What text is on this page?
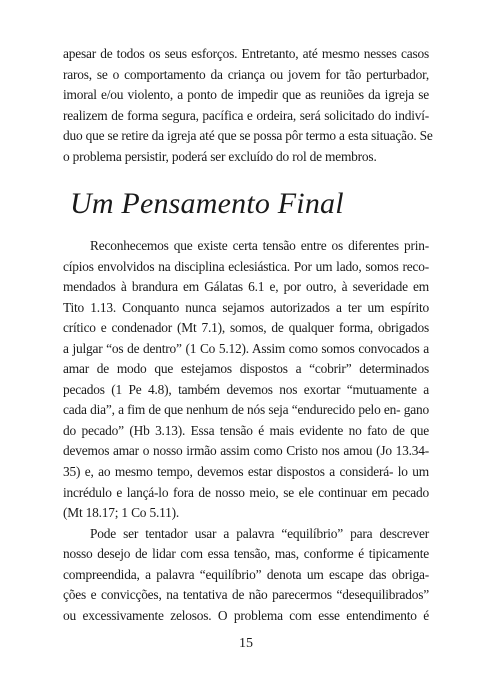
apesar de todos os seus esforços. Entretanto, até mesmo nesses casos
raros, se o comportamento da criança ou jovem for tão perturbador,
imoral e/ou violento, a ponto de impedir que as reuniões da igreja se
realizem de forma segura, pacífica e ordeira, será solicitado do indiví-
duo que se retire da igreja até que se possa pôr termo a esta situação. Se
o problema persistir, poderá ser excluído do rol de membros.
Um Pensamento Final
Reconhecemos que existe certa tensão entre os diferentes prin-
cípios envolvidos na disciplina eclesiástica. Por um lado, somos reco-
mendados à brandura em Gálatas 6.1 e, por outro, à severidade em
Tito 1.13. Conquanto nunca sejamos autorizados a ter um espírito
crítico e condenador (Mt 7.1), somos, de qualquer forma, obrigados
a julgar “os de dentro” (1 Co 5.12). Assim como somos convocados a
amar de modo que estejamos dispostos a “cobrir” determinados
pecados (1 Pe 4.8), também devemos nos exortar “mutuamente a
cada dia”, a fim de que nenhum de nós seja “endurecido pelo en- gano
do pecado” (Hb 3.13). Essa tensão é mais evidente no fato de que
devemos amar o nosso irmão assim como Cristo nos amou (Jo 13.34-
35) e, ao mesmo tempo, devemos estar dispostos a considerá- lo um
incrédulo e lançá-lo fora de nosso meio, se ele continuar em pecado
(Mt 18.17; 1 Co 5.11).
Pode ser tentador usar a palavra “equilíbrio” para descrever
nosso desejo de lidar com essa tensão, mas, conforme é tipicamente
compreendida, a palavra “equilíbrio” denota um escape das obriga-
ções e convicções, na tentativa de não parecermos “desequilibrados”
ou excessivamente zelosos. O problema com esse entendimento é
15
